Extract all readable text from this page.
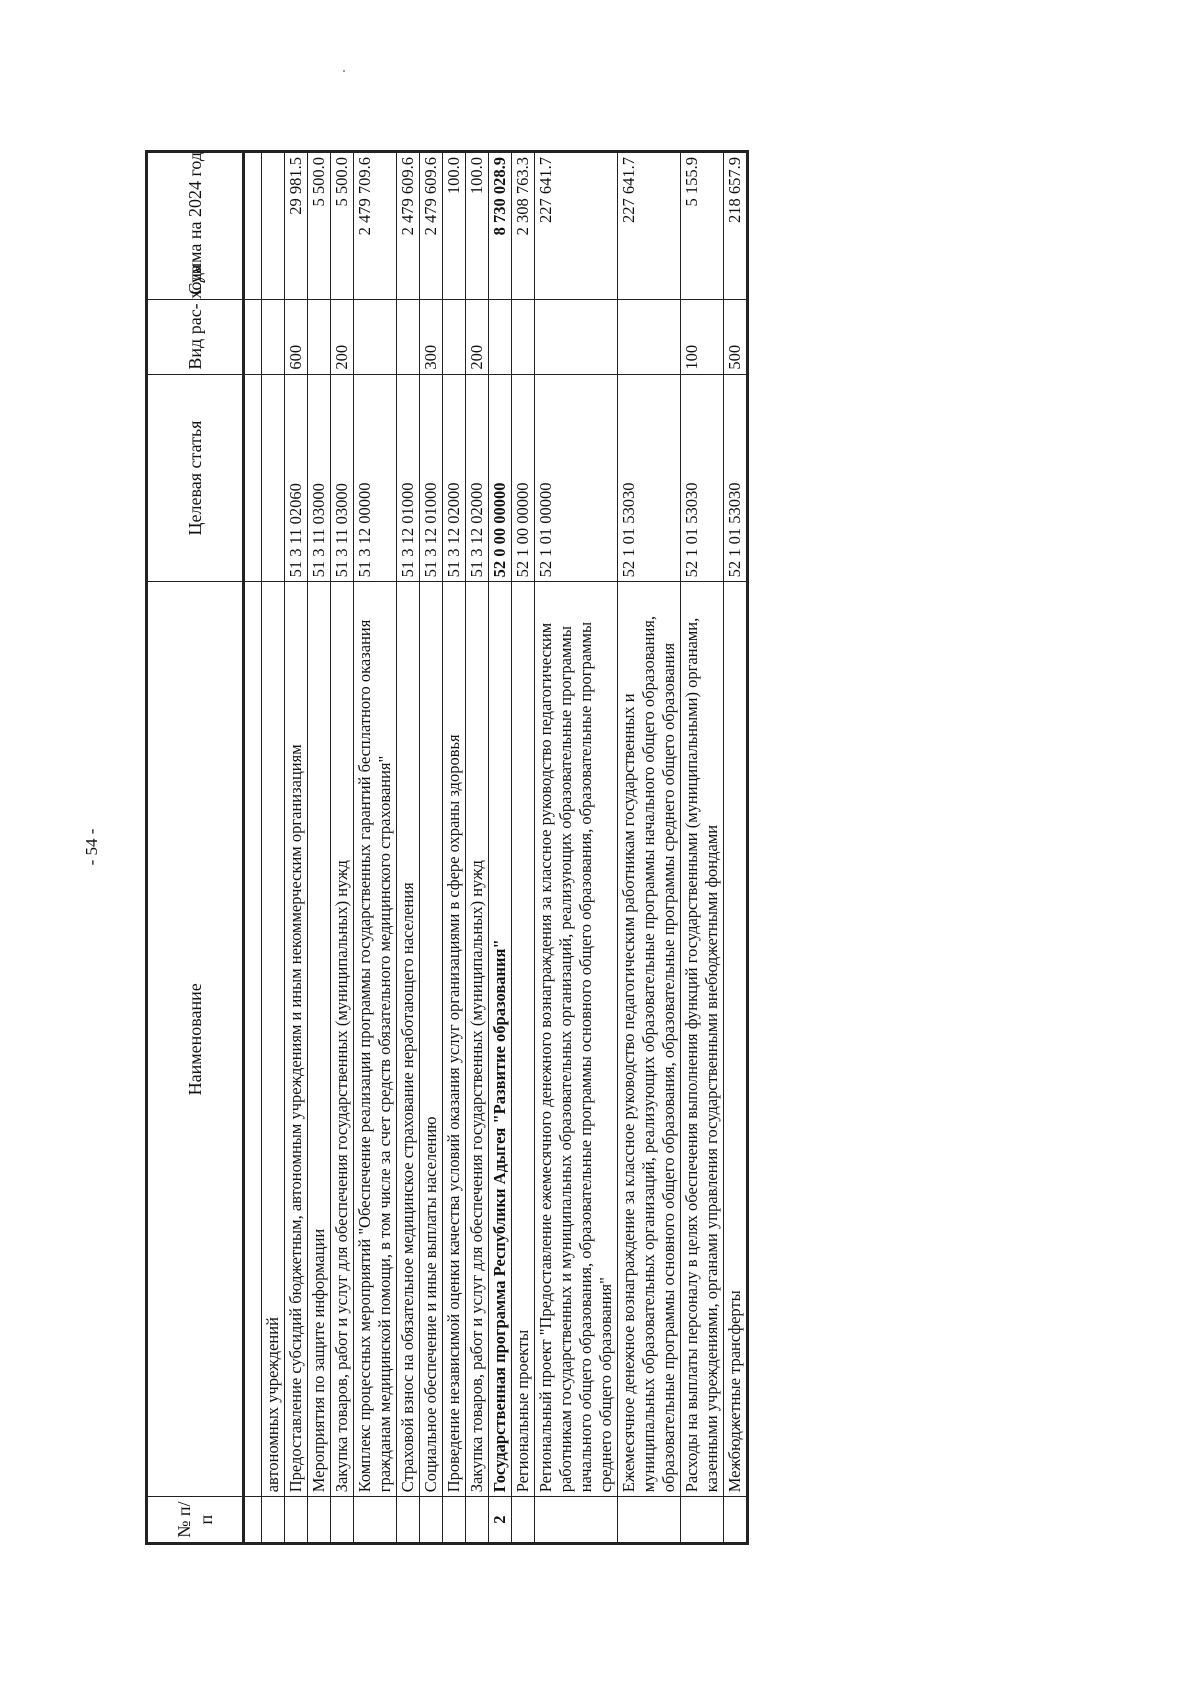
- 54 -
№ п/п	Наименование	Целевая статья	Вид рас- хода	Сумма на 2024 год

	автономных учреждений			
	Предоставление субсидий бюджетным, автономным учреждениям и иным некоммерческим организациям	51 3 11 02060	600	29 981.5
	Мероприятия по защите информации	51 3 11 03000		5 500.0
	Закупка товаров, работ и услуг для обеспечения государственных (муниципальных) нужд	51 3 11 03000	200	5 500.0
	Комплекс процессных мероприятий "Обеспечение реализации программы государственных гарантий бесплатного оказания гражданам медицинской помощи, в том числе за счет средств обязательного медицинского страхования"	51 3 12 00000		2 479 709.6
	Страховой взнос на обязательное медицинское страхование неработающего населения	51 3 12 01000		2 479 609.6
	Социальное обеспечение и иные выплаты населению	51 3 12 01000	300	2 479 609.6
	Проведение независимой оценки качества условий оказания услуг организациями в сфере охраны здоровья	51 3 12 02000		100.0
	Закупка товаров, работ и услуг для обеспечения государственных (муниципальных) нужд	51 3 12 02000	200	100.0
2	Государственная программа Республики Адыгея "Развитие образования"	52 0 00 00000		8 730 028.9
	Региональные проекты	52 1 00 00000		2 308 763.3
	Региональный проект "Предоставление ежемесячного денежного вознаграждения за классное руководство педагогическим работникам государственных и муниципальных образовательных организаций, реализующих образовательные программы начального общего образования, образовательные программы основного общего образования, образовательные программы среднего общего образования"	52 1 01 00000		227 641.7
	Ежемесячное денежное вознаграждение за классное руководство педагогическим работникам государственных и муниципальных образовательных организаций, реализующих образовательные программы начального общего образования, образовательные программы основного общего образования, образовательные программы среднего общего образования	52 1 01 53030		227 641.7
	Расходы на выплаты персоналу в целях обеспечения выполнения функций государственными (муниципальными) органами, казенными учреждениями, органами управления государственными внебюджетными фондами	52 1 01 53030	100	5 155.9
	Межбюджетные трансферты	52 1 01 53030	500	218 657.9
